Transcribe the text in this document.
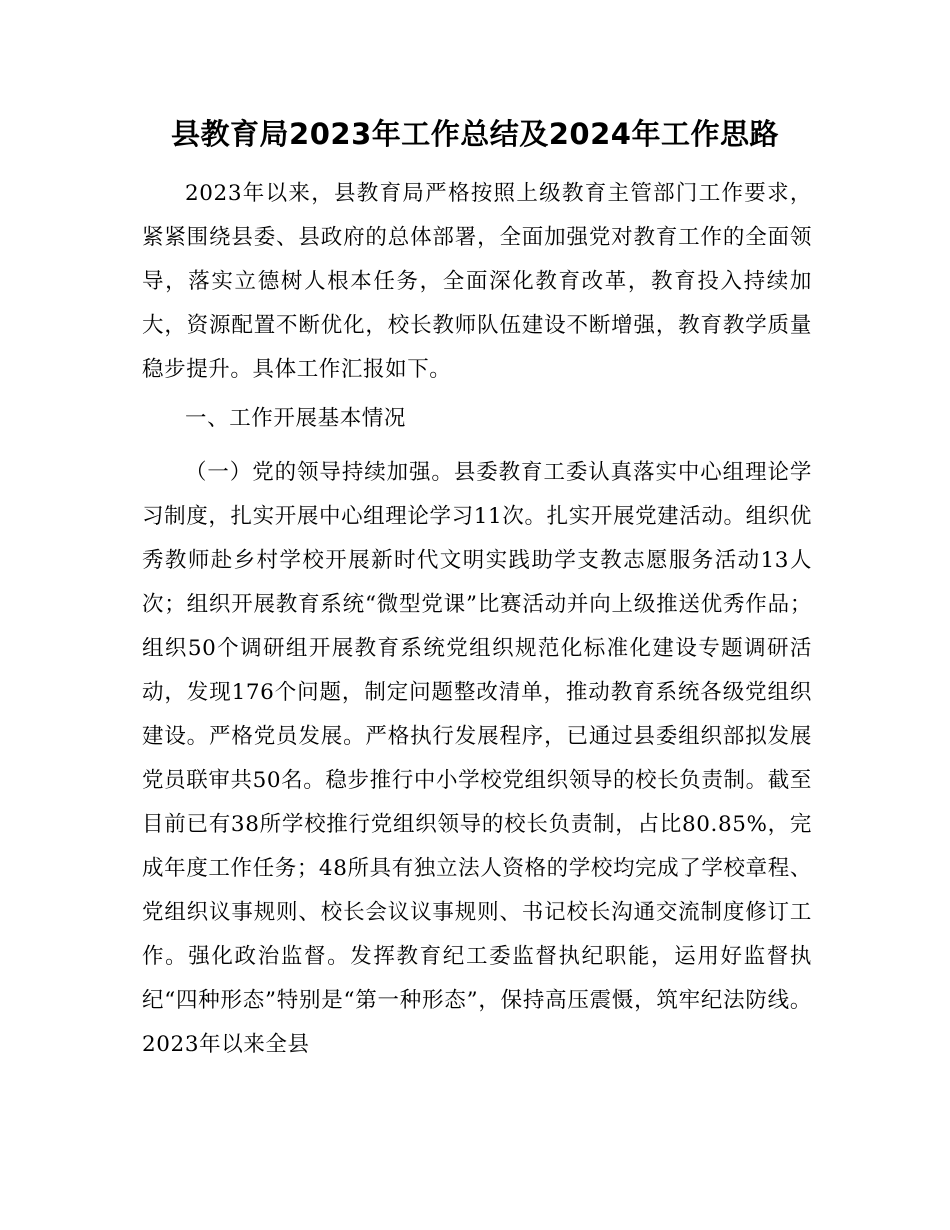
县教育局2023年工作总结及2024年工作思路

2023年以来，县教育局严格按照上级教育主管部门工作要求，紧紧围绕县委、县政府的总体部署，全面加强党对教育工作的全面领导，落实立德树人根本任务，全面深化教育改革，教育投入持续加大，资源配置不断优化，校长教师队伍建设不断增强，教育教学质量稳步提升。具体工作汇报如下。

一、工作开展基本情况

（一）党的领导持续加强。县委教育工委认真落实中心组理论学习制度，扎实开展中心组理论学习11次。扎实开展党建活动。组织优秀教师赴乡村学校开展新时代文明实践助学支教志愿服务活动13人次；组织开展教育系统“微型党课”比赛活动并向上级推送优秀作品；组织50个调研组开展教育系统党组织规范化标准化建设专题调研活动，发现176个问题，制定问题整改清单，推动教育系统各级党组织建设。严格党员发展。严格执行发展程序，已通过县委组织部拟发展党员联审共50名。稳步推行中小学校党组织领导的校长负责制。截至目前已有38所学校推行党组织领导的校长负责制，占比80.85%，完成年度工作任务；48所具有独立法人资格的学校均完成了学校章程、党组织议事规则、校长会议议事规则、书记校长沟通交流制度修订工作。强化政治监督。发挥教育纪工委监督执纪职能，运用好监督执纪“四种形态”特别是“第一种形态”，保持高压震慑，筑牢纪法防线。2023年以来全县
